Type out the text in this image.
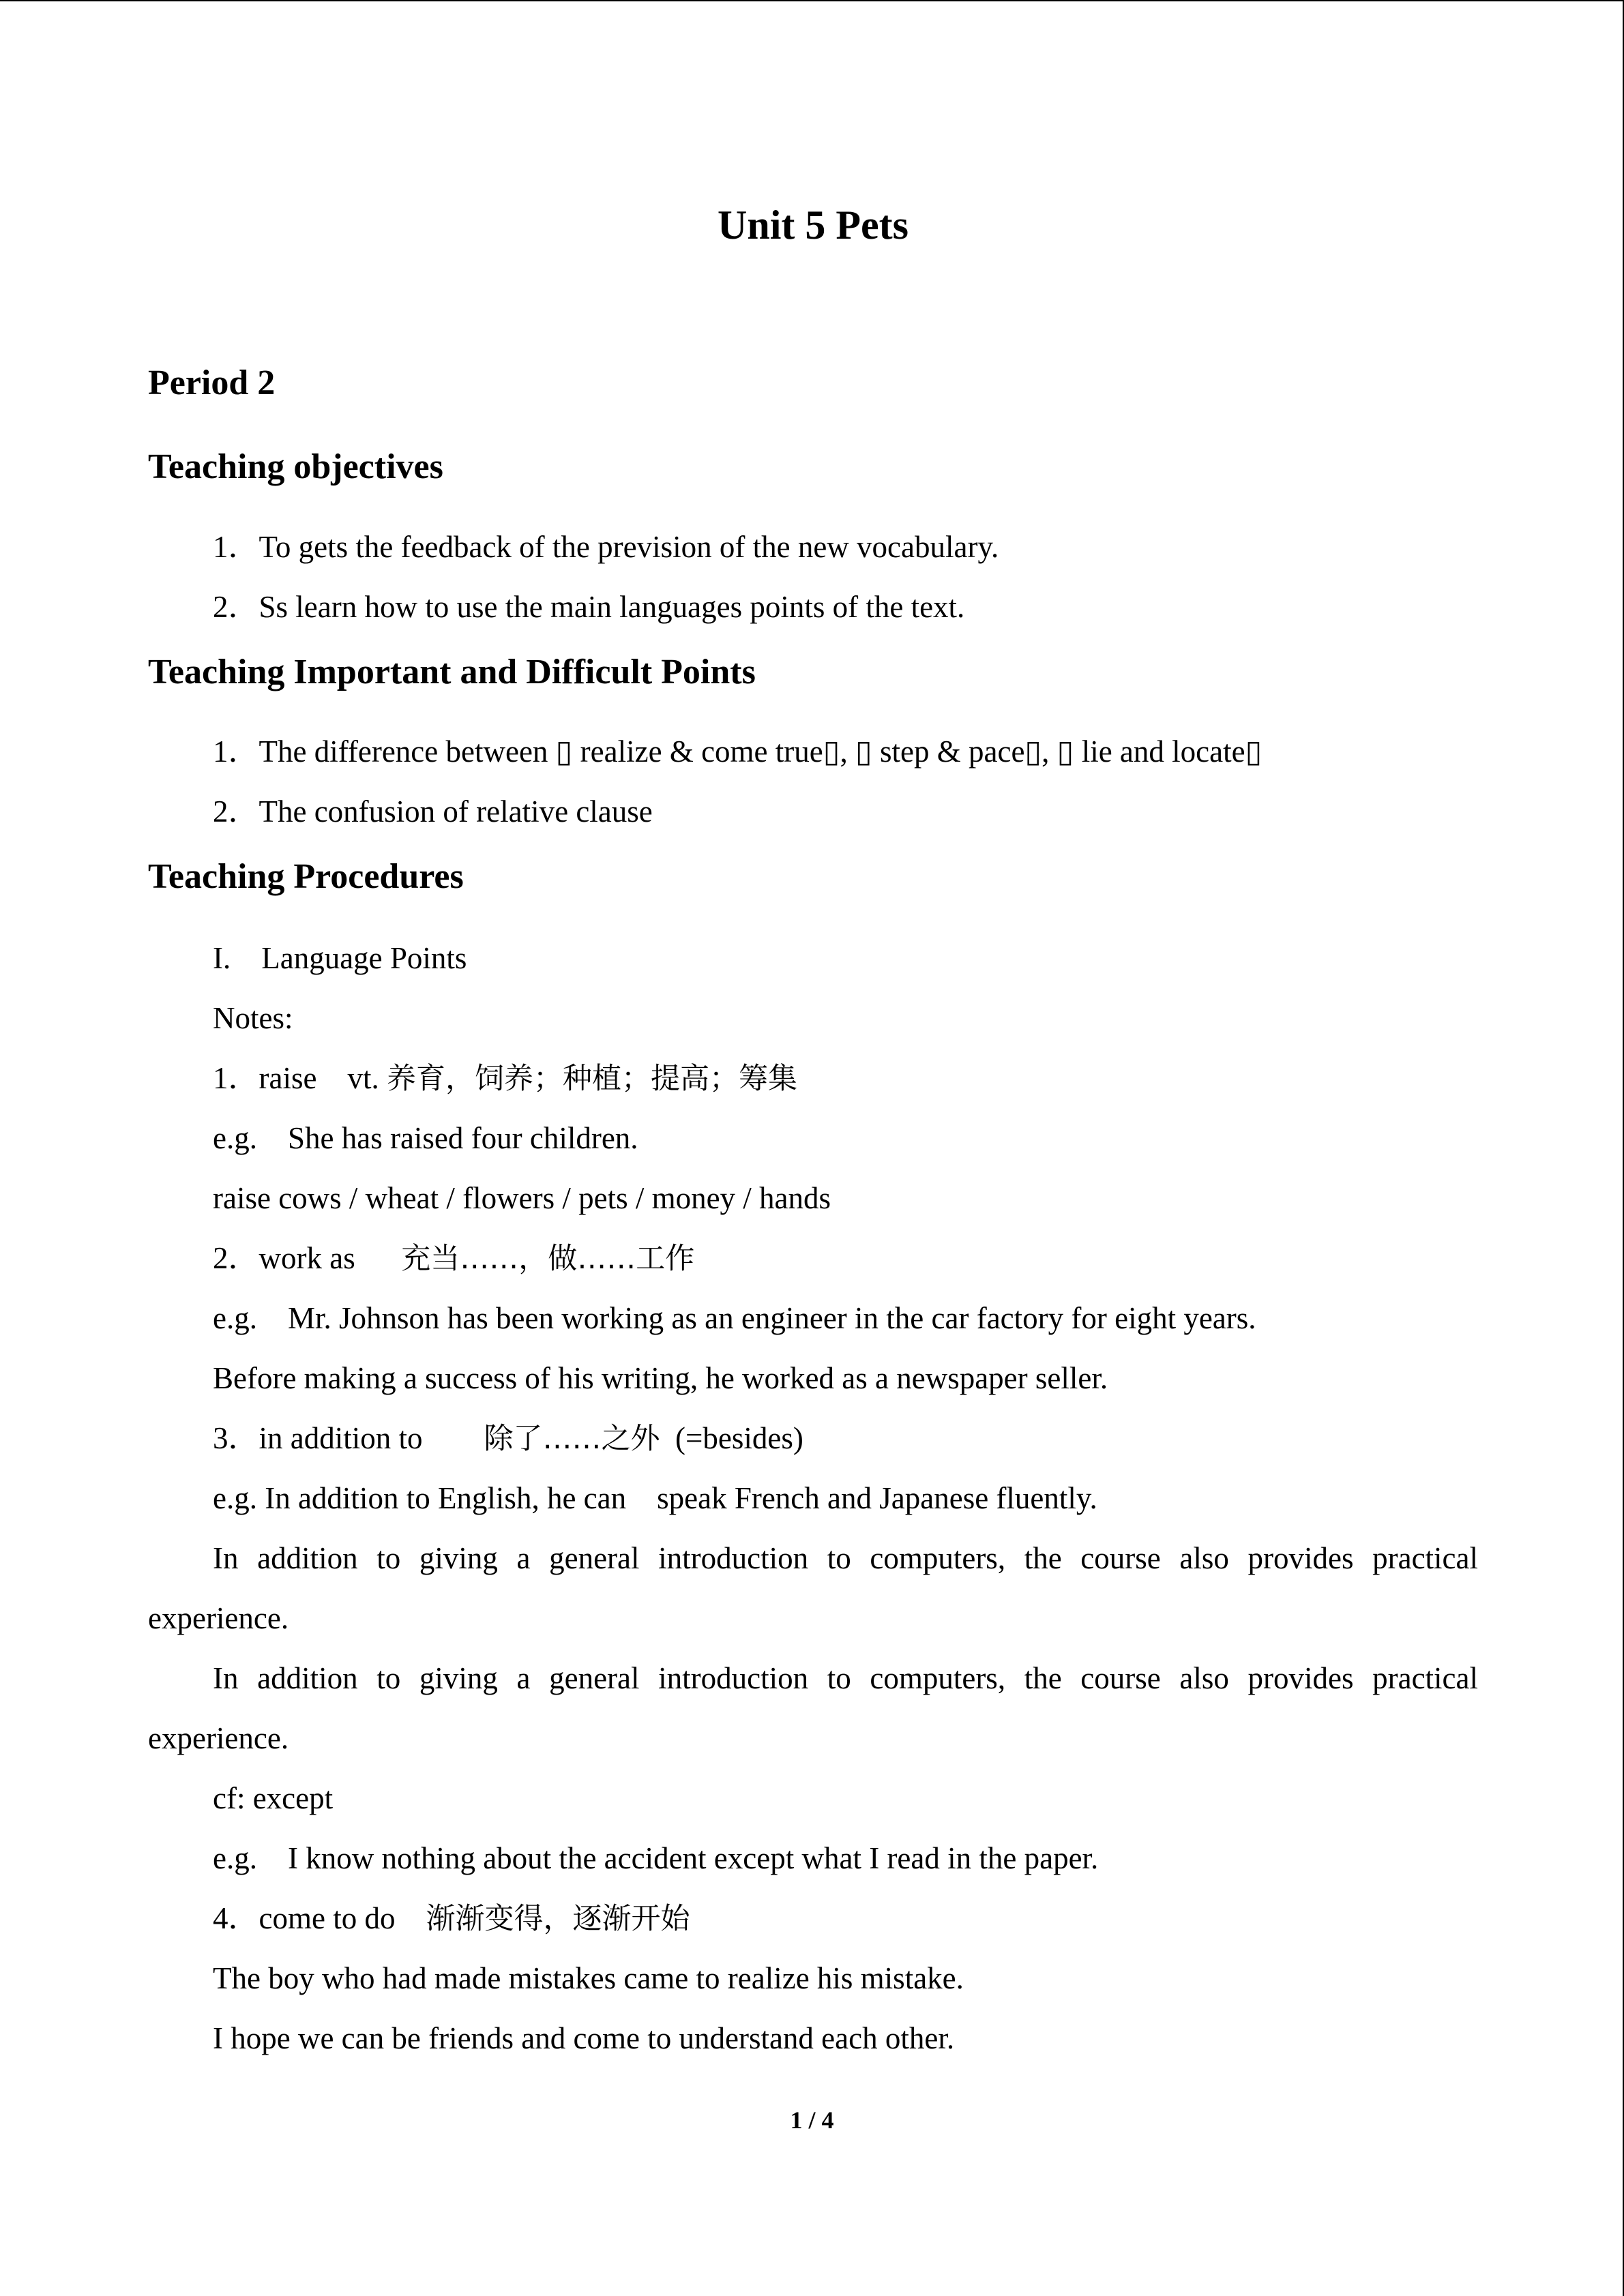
Unit 5 Pets
Period 2
Teaching objectives

1．To gets the feedback of the prevision of the new vocabulary.

2．Ss learn how to use the main languages points of the text.

Teaching Important and Difficult Points

1．The difference between ▯ realize & come true▯, ▯ step & pace▯, ▯ lie and locate▯

2．The confusion of relative clause

Teaching Procedures

I.    Language Points

Notes:

1．raise    vt. 养育，饲养；种植；提高；筹集

e.g.    She has raised four children.

raise cows / wheat / flowers / pets / money / hands

2．work as      充当……，做……工作

e.g.    Mr. Johnson has been working as an engineer in the car factory for eight years.

Before making a success of his writing, he worked as a newspaper seller.

3．in addition to        除了……之外  (=besides)

e.g. In addition to English, he can    speak French and Japanese fluently.

In addition to giving a general introduction to computers, the course also provides practical

experience.

In addition to giving a general introduction to computers, the course also provides practical

experience.

cf: except

e.g.    I know nothing about the accident except what I read in the paper.

4．come to do    渐渐变得，逐渐开始

The boy who had made mistakes came to realize his mistake.

I hope we can be friends and come to understand each other.

1 / 4
